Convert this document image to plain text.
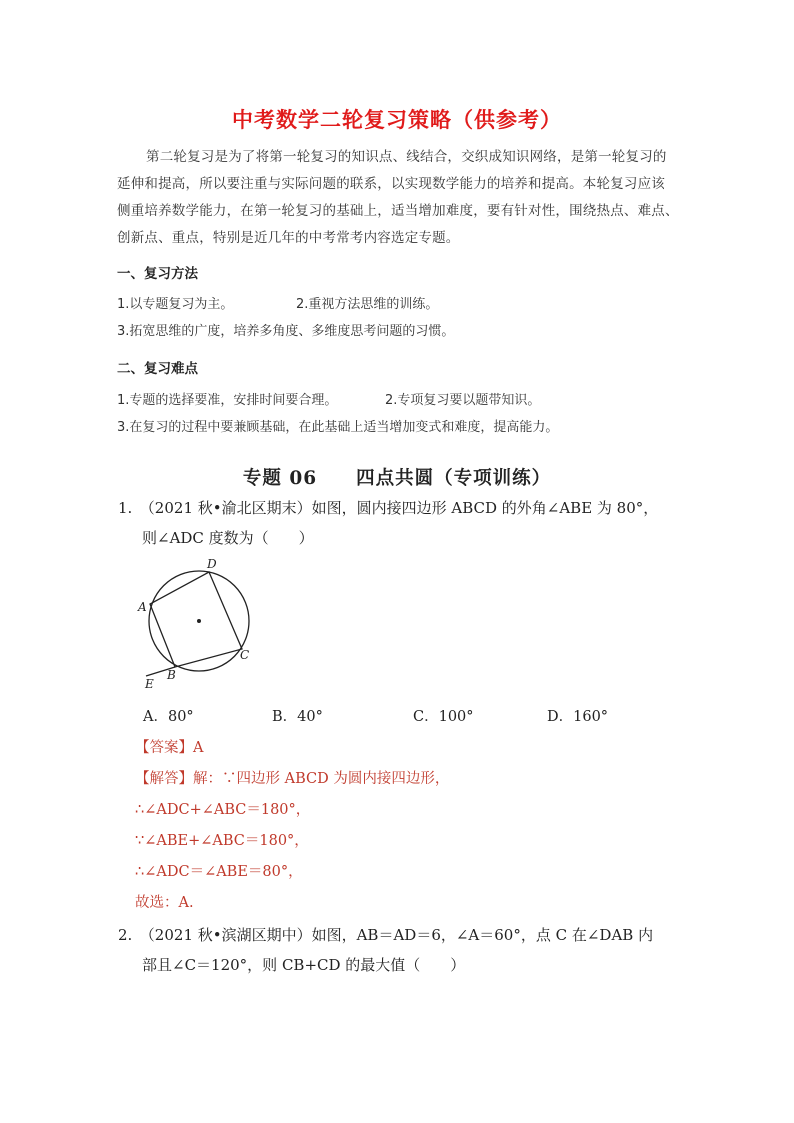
中考数学二轮复习策略（供参考）
第二轮复习是为了将第一轮复习的知识点、线结合，交织成知识网络，是第一轮复习的
延伸和提高，所以要注重与实际问题的联系，以实现数学能力的培养和提高。本轮复习应该
侧重培养数学能力，在第一轮复习的基础上，适当增加难度，要有针对性，围绕热点、难点、
创新点、重点，特别是近几年的中考常考内容选定专题。
一、复习方法
1.以专题复习为主。	2.重视方法思维的训练。
3.拓宽思维的广度，培养多角度、多维度思考问题的习惯。
二、复习难点
1.专题的选择要准，安排时间要合理。	2.专项复习要以题带知识。
3.在复习的过程中要兼顾基础，在此基础上适当增加变式和难度，提高能力。
专题 06　　四点共圆（专项训练）
1.　（2021 秋•渝北区期末）如图，圆内接四边形 ABCD 的外角∠ABE 为 80°，
则∠ADC 度数为（　　）
A
D
C
B
E
A．80°	B．40°	C．100°	D．160°
【答案】A
【解答】解：∵四边形 ABCD 为圆内接四边形，
∴∠ADC+∠ABC＝180°，
∵∠ABE+∠ABC＝180°，
∴∠ADC＝∠ABE＝80°，
故选：A.
2.　（2021 秋•滨湖区期中）如图，AB＝AD＝6，∠A＝60°，点 C 在∠DAB 内
部且∠C＝120°，则 CB+CD 的最大值（　　）
